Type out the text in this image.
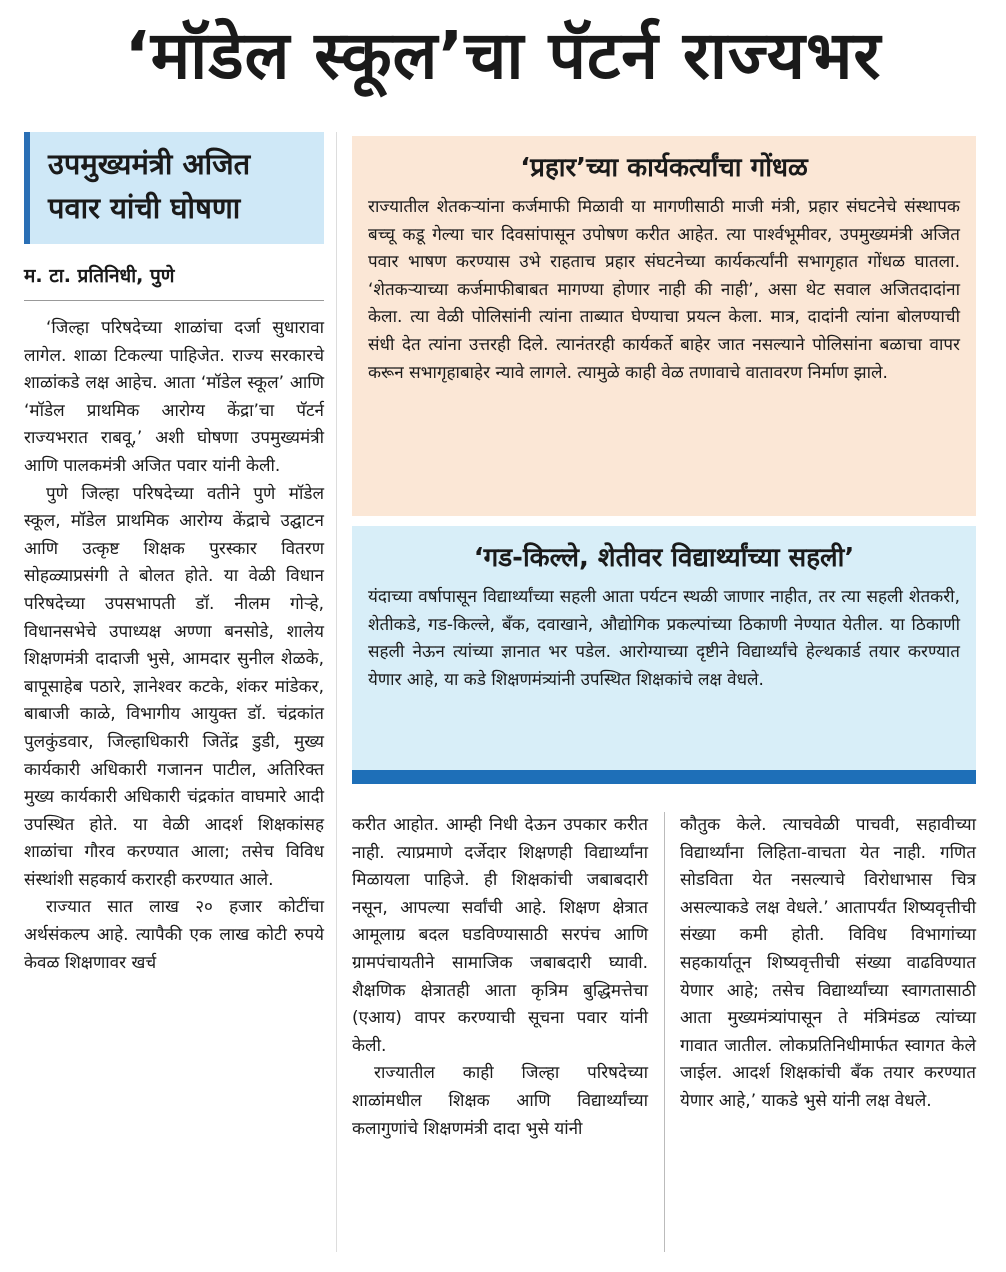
‘मॉडेल स्कूल’चा पॅटर्न राज्यभर
उपमुख्यमंत्री अजित पवार यांची घोषणा
म. टा. प्रतिनिधी, पुणे

‘जिल्हा परिषदेच्या शाळांचा दर्जा सुधारावा लागेल. शाळा टिकल्या पाहिजेत. राज्य सरकारचे शाळांकडे लक्ष आहेच. आता ‘मॉडेल स्कूल’ आणि ‘मॉडेल प्राथमिक आरोग्य केंद्रा’चा पॅटर्न राज्यभरात राबवू,’ अशी घोषणा उपमुख्यमंत्री आणि पालकमंत्री अजित पवार यांनी केली.

पुणे जिल्हा परिषदेच्या वतीने पुणे मॉडेल स्कूल, मॉडेल प्राथमिक आरोग्य केंद्राचे उद्घाटन आणि उत्कृष्ट शिक्षक पुरस्कार वितरण सोहळ्याप्रसंगी ते बोलत होते. या वेळी विधान परिषदेच्या उपसभापती डॉ. नीलम गोऱ्हे, विधानसभेचे उपाध्यक्ष अण्णा बनसोडे, शालेय शिक्षणमंत्री दादाजी भुसे, आमदार सुनील शेळके, बापूसाहेब पठारे, ज्ञानेश्वर कटके, शंकर मांडेकर, बाबाजी काळे, विभागीय आयुक्त डॉ. चंद्रकांत पुलकुंडवार, जिल्हाधिकारी जितेंद्र डुडी, मुख्य कार्यकारी अधिकारी गजानन पाटील, अतिरिक्त मुख्य कार्यकारी अधिकारी चंद्रकांत वाघमारे आदी उपस्थित होते. या वेळी आदर्श शिक्षकांसह शाळांचा गौरव करण्यात आला; तसेच विविध संस्थांशी सहकार्य करारही करण्यात आले.

राज्यात सात लाख २० हजार कोटींचा अर्थसंकल्प आहे. त्यापैकी एक लाख कोटी रुपये केवळ शिक्षणावर खर्च

‘प्रहार’च्या कार्यकर्त्यांचा गोंधळ

राज्यातील शेतकऱ्यांना कर्जमाफी मिळावी या मागणीसाठी माजी मंत्री, प्रहार संघटनेचे संस्थापक बच्चू कडू गेल्या चार दिवसांपासून उपोषण करीत आहेत. त्या पार्श्वभूमीवर, उपमुख्यमंत्री अजित पवार भाषण करण्यास उभे राहताच प्रहार संघटनेच्या कार्यकर्त्यांनी सभागृहात गोंधळ घातला. ‘शेतकऱ्याच्या कर्जमाफीबाबत मागण्या होणार नाही की नाही’, असा थेट सवाल अजितदादांना केला. त्या वेळी पोलिसांनी त्यांना ताब्यात घेण्याचा प्रयत्न केला. मात्र, दादांनी त्यांना बोलण्याची संधी देत त्यांना उत्तरही दिले. त्यानंतरही कार्यकर्ते बाहेर जात नसल्याने पोलिसांना बळाचा वापर करून सभागृहाबाहेर न्यावे लागले. त्यामुळे काही वेळ तणावाचे वातावरण निर्माण झाले.

‘गड-किल्ले, शेतीवर विद्यार्थ्यांच्या सहली’

यंदाच्या वर्षापासून विद्यार्थ्यांच्या सहली आता पर्यटन स्थळी जाणार नाहीत, तर त्या सहली शेतकरी, शेतीकडे, गड-किल्ले, बँक, दवाखाने, औद्योगिक प्रकल्पांच्या ठिकाणी नेण्यात येतील. या ठिकाणी सहली नेऊन त्यांच्या ज्ञानात भर पडेल. आरोग्याच्या दृष्टीने विद्यार्थ्यांचे हेल्थकार्ड तयार करण्यात येणार आहे, या कडे शिक्षणमंत्र्यांनी उपस्थित शिक्षकांचे लक्ष वेधले.

करीत आहोत. आम्ही निधी देऊन उपकार करीत नाही. त्याप्रमाणे दर्जेदार शिक्षणही विद्यार्थ्यांना मिळायला पाहिजे. ही शिक्षकांची जबाबदारी नसून, आपल्या सर्वांची आहे. शिक्षण क्षेत्रात आमूलाग्र बदल घडविण्यासाठी सरपंच आणि ग्रामपंचायतीने सामाजिक जबाबदारी घ्यावी. शैक्षणिक क्षेत्रातही आता कृत्रिम बुद्धिमत्तेचा (एआय) वापर करण्याची सूचना पवार यांनी केली.

राज्यातील काही जिल्हा परिषदेच्या शाळांमधील शिक्षक आणि विद्यार्थ्यांच्या कलागुणांचे शिक्षणमंत्री दादा भुसे यांनी

कौतुक केले. त्याचवेळी पाचवी, सहावीच्या विद्यार्थ्यांना लिहिता-वाचता येत नाही. गणित सोडविता येत नसल्याचे विरोधाभास चित्र असल्याकडे लक्ष वेधले.’ आतापर्यंत शिष्यवृत्तीची संख्या कमी होती. विविध विभागांच्या सहकार्यातून शिष्यवृत्तीची संख्या वाढविण्यात येणार आहे; तसेच विद्यार्थ्यांच्या स्वागतासाठी आता मुख्यमंत्र्यांपासून ते मंत्रिमंडळ त्यांच्या गावात जातील. लोकप्रतिनिधीमार्फत स्वागत केले जाईल. आदर्श शिक्षकांची बँक तयार करण्यात येणार आहे,’ याकडे भुसे यांनी लक्ष वेधले.
